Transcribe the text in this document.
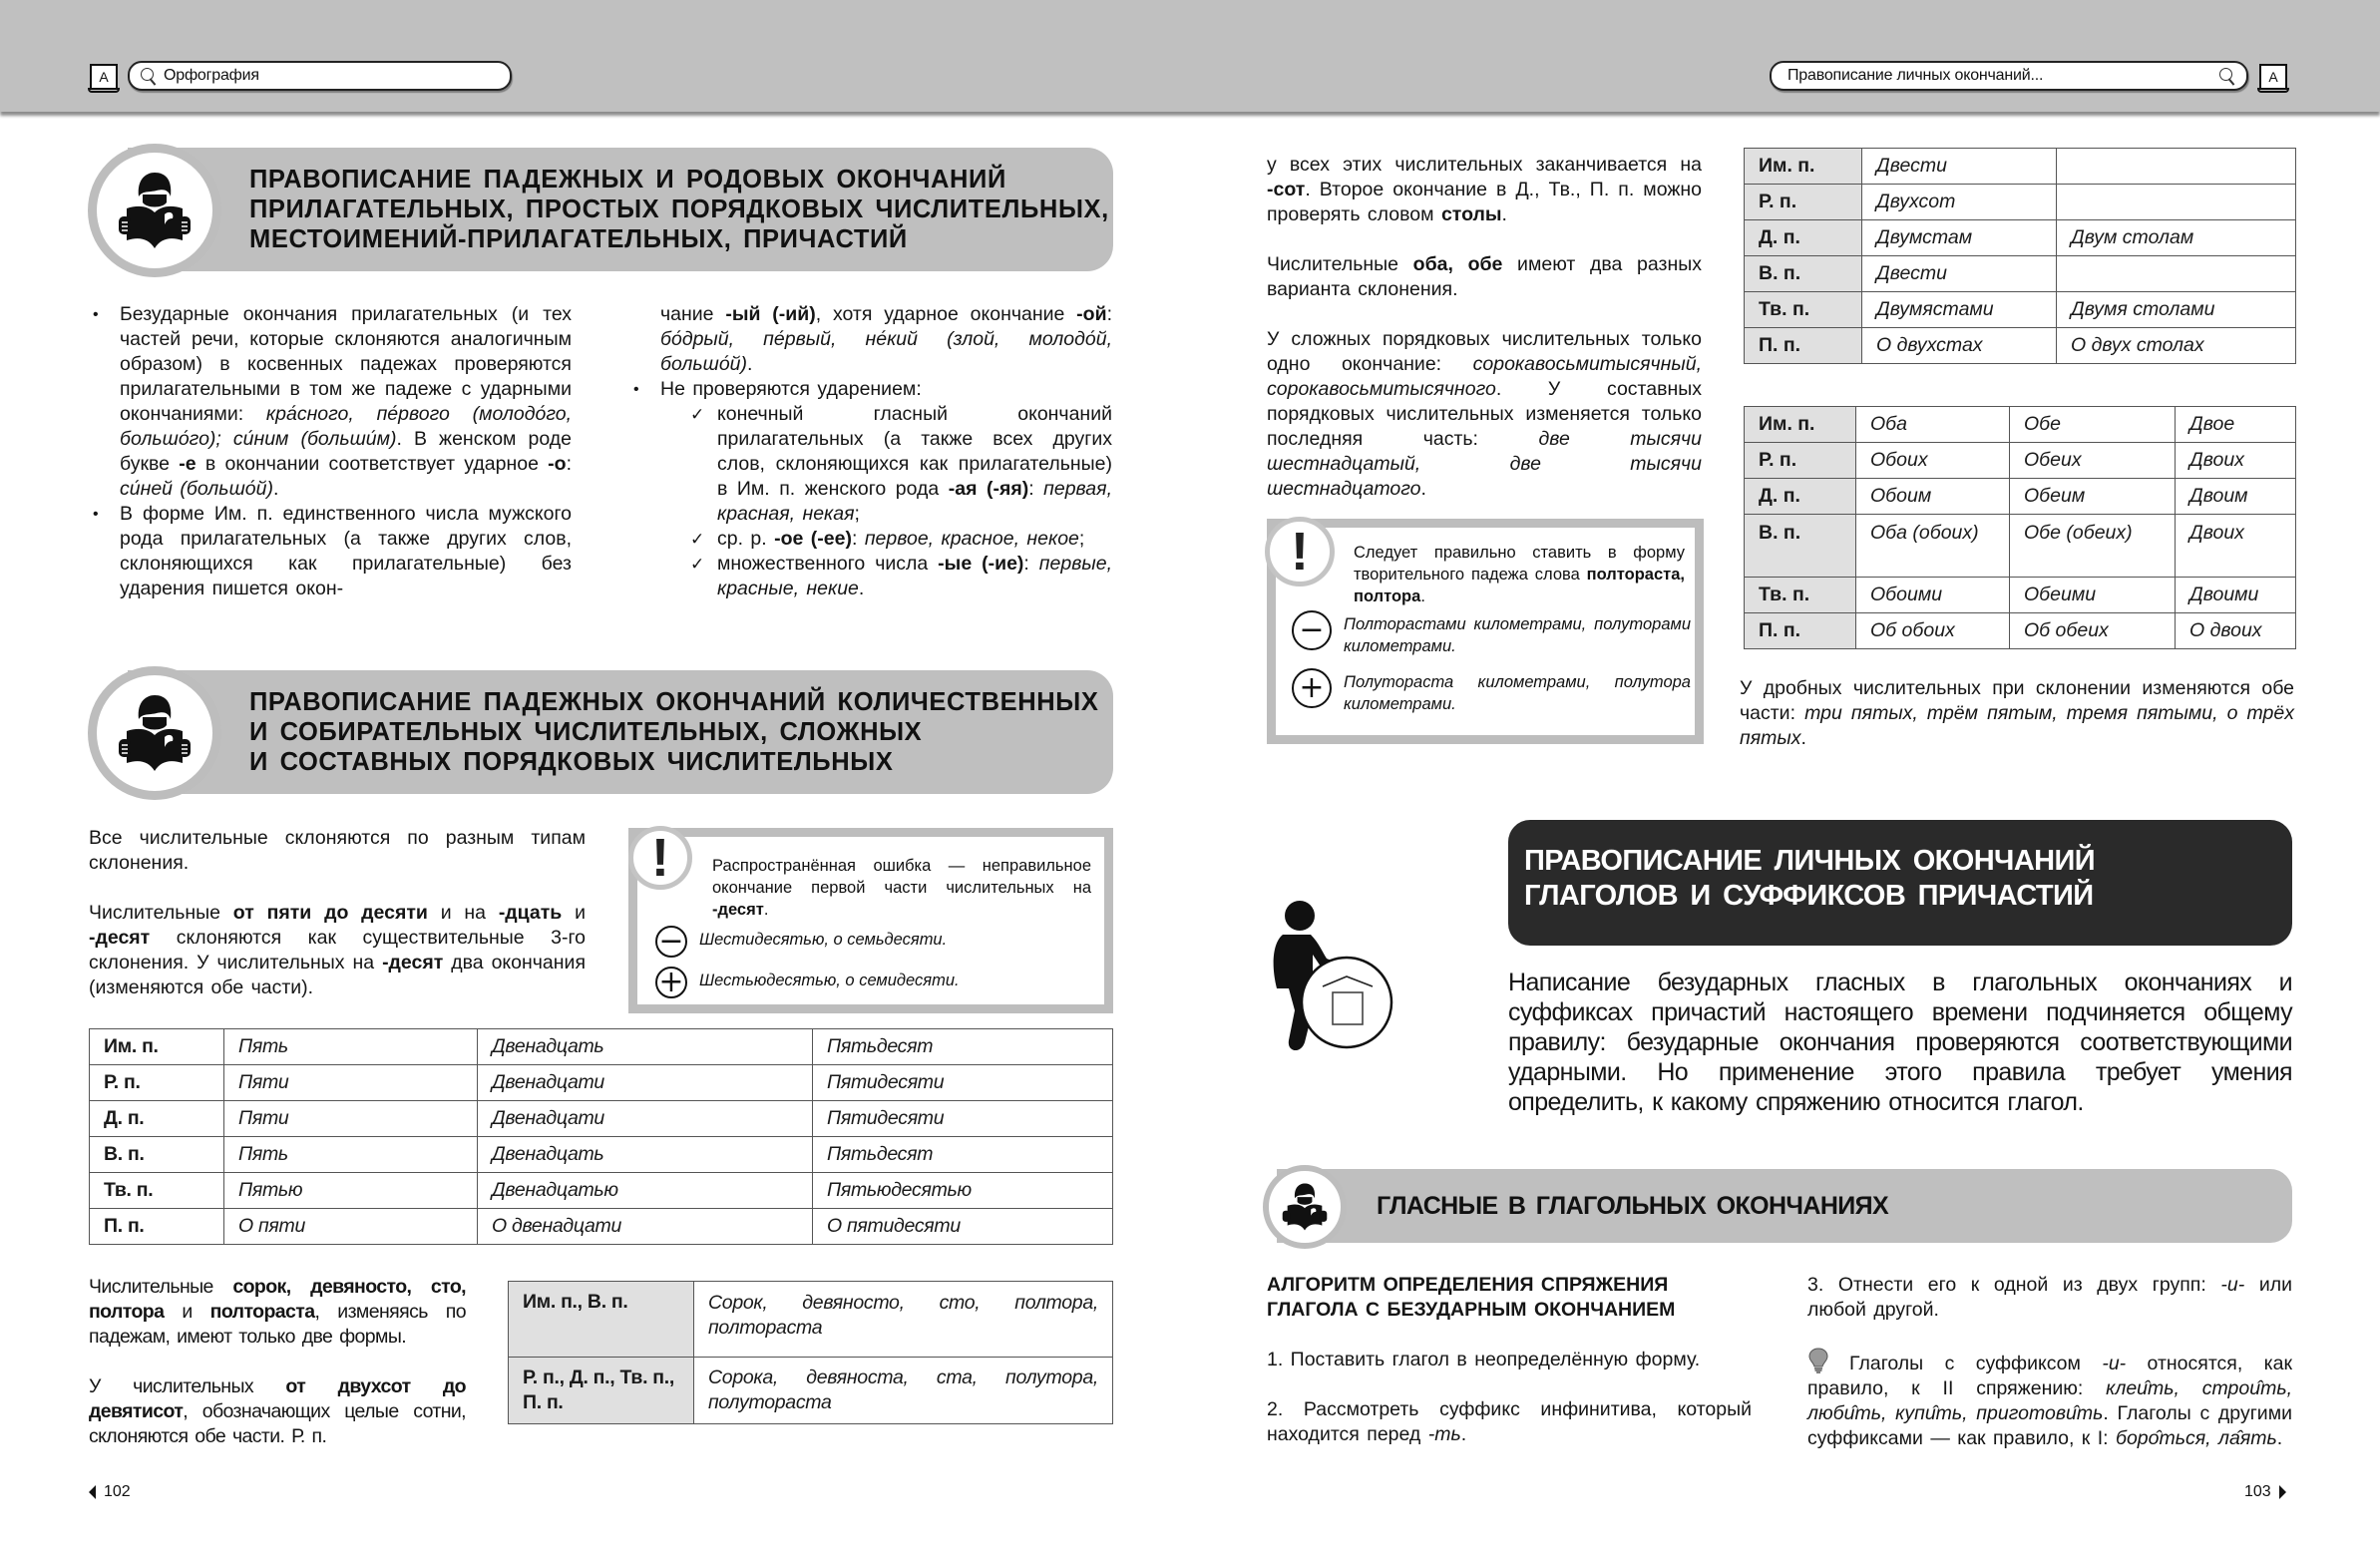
A
Орфография
Правописание личных окончаний...	A
ПРАВОПИСАНИЕ ПАДЕЖНЫХ И РОДОВЫХ ОКОНЧАНИЙ
ПРИЛАГАТЕЛЬНЫХ, ПРОСТЫХ ПОРЯДКОВЫХ ЧИСЛИТЕЛЬНЫХ,
МЕСТОИМЕНИЙ-ПРИЛАГАТЕЛЬНЫХ, ПРИЧАСТИЙ
• Безударные окончания прилагательных (и тех частей речи, которые склоняются аналогичным образом) в косвенных падежах проверяются прилагательными в том же падеже с ударными окончаниями: кра́сного, пе́рвого (молодо́го, большо́го); си́ним (больши́м). В женском роде букве -е в окончании соответствует ударное -о: си́ней (большо́й).
• В форме Им. п. единственного числа мужского рода прилагательных (а также других слов, склоняющихся как прилагательные) без ударения пишется окон-

чание -ый (-ий), хотя ударное окончание -ой: бо́дрый, пе́рвый, не́кий (злой, молодо́й, большо́й).

• Не проверяются ударением:
✓ конечный гласный окончаний прилагательных (а также всех других слов, склоняющихся как прилагательные) в Им. п. женского рода -ая (-яя): первая, красная, некая;
✓ ср. р. -ое (-ее): первое, красное, некое;
✓ множественного числа -ые (-ие): первые, красные, некие.
ПРАВОПИСАНИЕ ПАДЕЖНЫХ ОКОНЧАНИЙ КОЛИЧЕСТВЕННЫХ
И СОБИРАТЕЛЬНЫХ ЧИСЛИТЕЛЬНЫХ, СЛОЖНЫХ
И СОСТАВНЫХ ПОРЯДКОВЫХ ЧИСЛИТЕЛЬНЫХ

Все числительные склоняются по разным типам склонения.

Числительные от пяти до десяти и на -дцать и -десят склоняются как существительные 3-го склонения. У числительных на -десят два окончания (изменяются обе части).

Распространённая ошибка — неправильное окончание первой части числительных на -десят.
− Шестидесятью, о семьдесяти.
+ Шестьюдесятью, о семидесяти.
!
Им. п.	Пять	Двенадцать	Пятьдесят
Р. п.	Пяти	Двенадцати	Пятидесяти
Д. п.	Пяти	Двенадцати	Пятидесяти
В. п.	Пять	Двенадцать	Пятьдесят
Тв. п.	Пятью	Двенадцатью	Пятьюдесятью
П. п.	О пяти	О двенадцати	О пятидесяти

Числительные сорок, девяносто, сто, полтора и полтораста, изменяясь по падежам, имеют только две формы.

У числительных от двухсот до девятисот, обозначающих целые сотни, склоняются обе части. Р. п.

Им. п., В. п.	Сорок, девяносто, сто, полтора, полтораста
Р. п., Д. п., Тв. п., П. п.	Сорока, девяноста, ста, полутора, полутораста
102

у всех этих числительных заканчивается на -сот. Второе окончание в Д., Тв., П. п. можно проверять словом столы.

Числительные оба, обе имеют два разных варианта склонения.

У сложных порядковых числительных только одно окончание: сорокавосьмитысячный, сорокавосьмитысячного. У составных порядковых числительных изменяется только последняя часть: две тысячи шестнадцатый, две тысячи шестнадцатого.

Следует правильно ставить в форму творительного падежа слова полтораста, полтора.
−	Полторастами километрами, полуторами километрами.
+	Полутораста километрами, полутора километрами.
!
Им. п.	Двести	
Р. п.	Двухсот	
Д. п.	Двумстам	Двум столам
В. п.	Двести	
Тв. п.	Двумястами	Двумя столами
П. п.	О двухстах	О двух столах
Им. п.	Оба	Обе	Двое
Р. п.	Обоих	Обеих	Двоих
Д. п.	Обоим	Обеим	Двоим
В. п.	Оба (обоих)	Обе (обеих)	Двоих
Тв. п.	Обоими	Обеими	Двоими
П. п.	Об обоих	Об обеих	О двоих

У дробных числительных при склонении изменяются обе части: три пятых, трём пятым, тремя пятыми, о трёх пятых.

ПРАВОПИСАНИЕ ЛИЧНЫХ ОКОНЧАНИЙ
ГЛАГОЛОВ И СУФФИКСОВ ПРИЧАСТИЙ

Написание безударных гласных в глагольных окончаниях и суффиксах причастий настоящего времени подчиняется общему правилу: безударные окончания проверяются соответствующими ударными. Но применение этого правила требует умения определить, к какому спряжению относится глагол.

ГЛАСНЫЕ В ГЛАГОЛЬНЫХ ОКОНЧАНИЯХ

АЛГОРИТМ ОПРЕДЕЛЕНИЯ СПРЯЖЕНИЯ ГЛАГОЛА С БЕЗУДАРНЫМ ОКОНЧАНИЕМ

1. Поставить глагол в неопределённую форму.

2. Рассмотреть суффикс инфинитива, который находится перед -ть.

3. Отнести его к одной из двух групп: -и- или любой другой.

Глаголы с суффиксом -и- относятся, как правило, к II спряжению: клеи̂ть, строи̂ть, люби̂ть, купи̂ть, приготови̂ть. Глаголы с другими суффиксами — как правило, к I: боро̂ться, ла̂ять.

103
